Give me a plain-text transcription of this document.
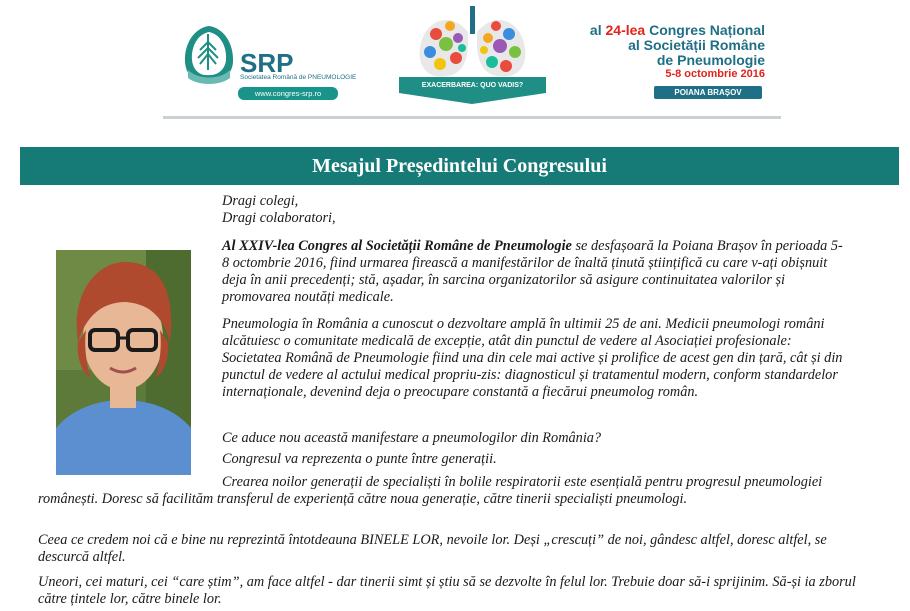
SRP
Societatea Română de PNEUMOLOGIE
www.congres-srp.ro
EXACERBAREA: QUO VADIS?
al 24-lea Congres Național
al Societății Române
de Pneumologie
5-8 octombrie 2016
POIANA BRAȘOV
Mesajul Președintelui Congresului

Dragi colegi,

Dragi colaboratori,

Al XXIV-lea Congres al Societății Române de Pneumologie se desfașoară la Poiana Brașov în perioada 5-8 octombrie 2016, fiind urmarea firească a manifestărilor de înaltă ținută științifică cu care v-ați obișnuit deja în anii precedenți; stă, așadar, în sarcina organizatorilor să asigure continuitatea valorilor și promovarea noutăți medicale.

Pneumologia în România a cunoscut o dezvoltare amplă în ultimii 25 de ani. Medicii pneumologi români alcătuiesc o comunitate medicală de excepție, atât din punctul de vedere al Asociației profesionale: Societatea Română de Pneumologie fiind una din cele mai active și prolifice de acest gen din țară, cât și din punctul de vedere al actului medical propriu-zis: diagnosticul și tratamentul modern, conform standardelor internaționale, devenind deja o preocupare constantă a fiecărui pneumolog român.

Ce aduce nou această manifestare a pneumologilor din România?

Congresul va reprezenta o punte între generații.

Crearea noilor generații de specialiști în bolile respiratorii este esențială pentru progresul pneumologiei românești. Doresc să facilităm transferul de experiență către noua generație, către tinerii specialiști pneumologi.

Ceea ce credem noi că e bine nu reprezintă întotdeauna BINELE LOR, nevoile lor. Deși „crescuți” de noi, gândesc altfel, doresc altfel, se descurcă altfel.

Uneori, cei maturi, cei “care știm”, am face altfel - dar tinerii simt și știu să se dezvolte în felul lor. Trebuie doar să-i sprijinim. Să-și ia zborul către țintele lor, către binele lor.
